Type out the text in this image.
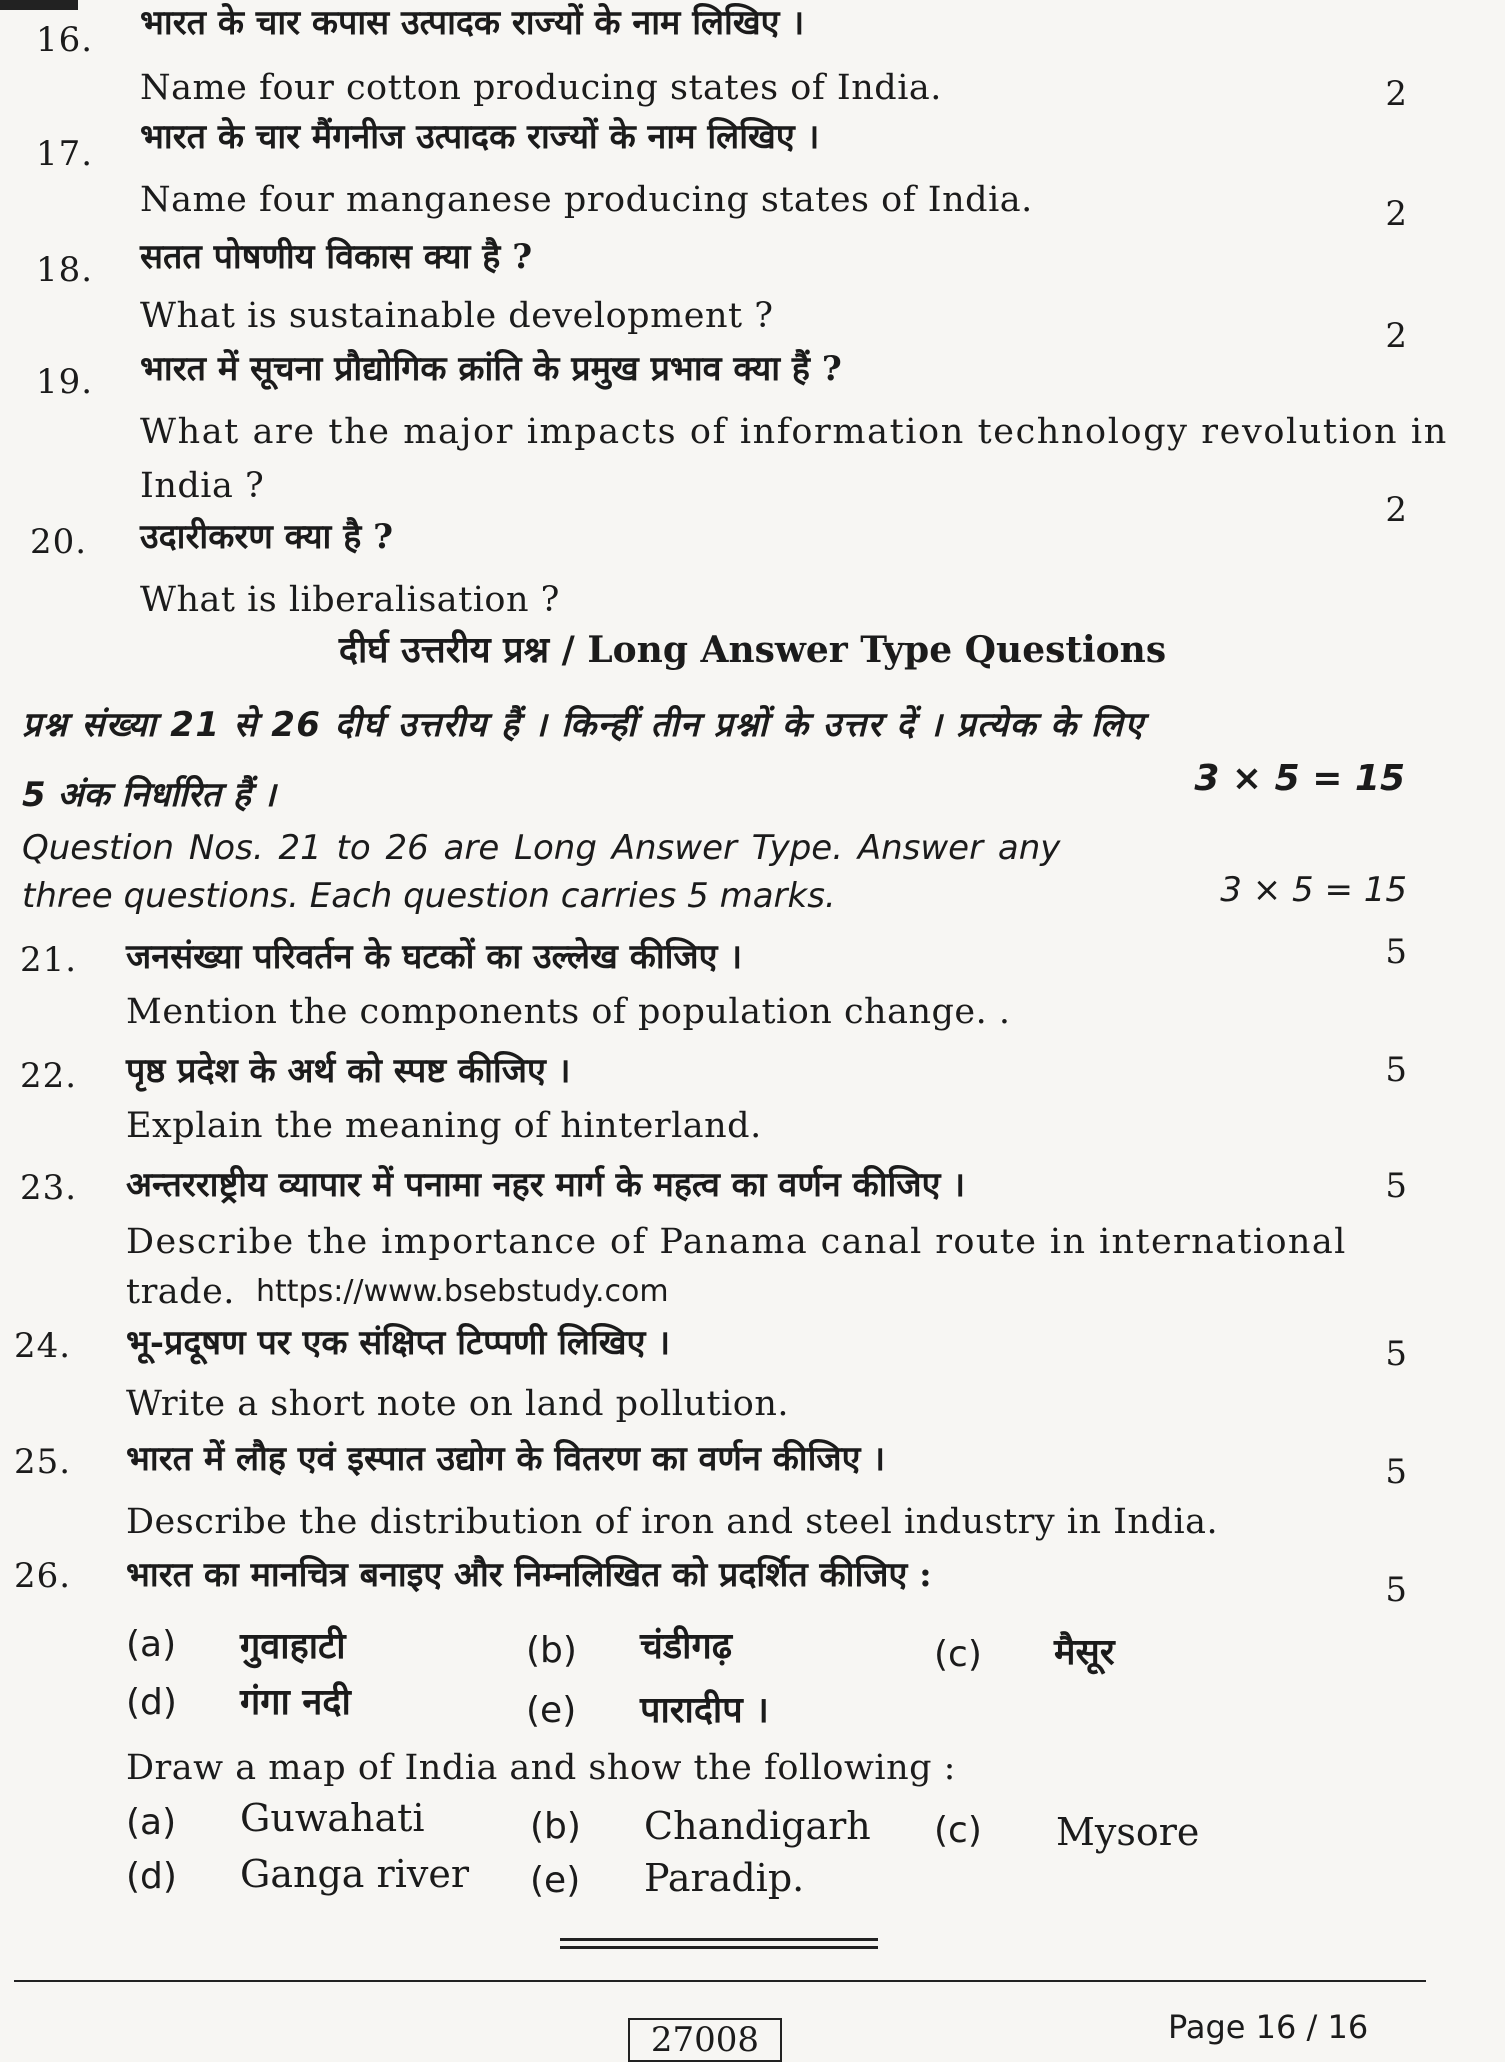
16. भारत के चार कपास उत्पादक राज्यों के नाम लिखिए ।
Name four cotton producing states of India.	2
17. भारत के चार मैंगनीज उत्पादक राज्यों के नाम लिखिए ।
Name four manganese producing states of India.	2
18. सतत पोषणीय विकास क्या है ?
What is sustainable development ?	2
19. भारत में सूचना प्रौद्योगिक क्रांति के प्रमुख प्रभाव क्या हैं ?
What are the major impacts of information technology revolution in
India ?
2
20. उदारीकरण क्या है ?
What is liberalisation ?
दीर्घ उत्तरीय प्रश्न / Long Answer Type Questions
प्रश्न संख्या 21 से 26 दीर्घ उत्तरीय हैं । किन्हीं तीन प्रश्नों के उत्तर दें । प्रत्येक के लिए
5 अंक निर्धारित हैं ।	3 × 5 = 15
Question Nos. 21 to 26 are Long Answer Type. Answer any
three questions. Each question carries 5 marks.	3 × 5 = 15
21. जनसंख्या परिवर्तन के घटकों का उल्लेख कीजिए ।
Mention the components of population change. .
5
22. पृष्ठ प्रदेश के अर्थ को स्पष्ट कीजिए ।
Explain the meaning of hinterland.
5
23. अन्तरराष्ट्रीय व्यापार में पनामा नहर मार्ग के महत्व का वर्णन कीजिए ।
Describe the importance of Panama canal route in international
trade. https://www.bsebstudy.com
5
24. भू-प्रदूषण पर एक संक्षिप्त टिप्पणी लिखिए ।
Write a short note on land pollution.
5
25. भारत में लौह एवं इस्पात उद्योग के वितरण का वर्णन कीजिए ।
Describe the distribution of iron and steel industry in India.
5
26. भारत का मानचित्र बनाइए और निम्नलिखित को प्रदर्शित कीजिए :	5
(a) गुवाहाटी	(b) चंडीगढ़	(c) मैसूर
(d) गंगा नदी	(e) पारादीप ।
Draw a map of India and show the following :
(a) Guwahati	(b) Chandigarh (c) Mysore
(d) Ganga river (e) Paradip.
27008	Page 16 / 16
